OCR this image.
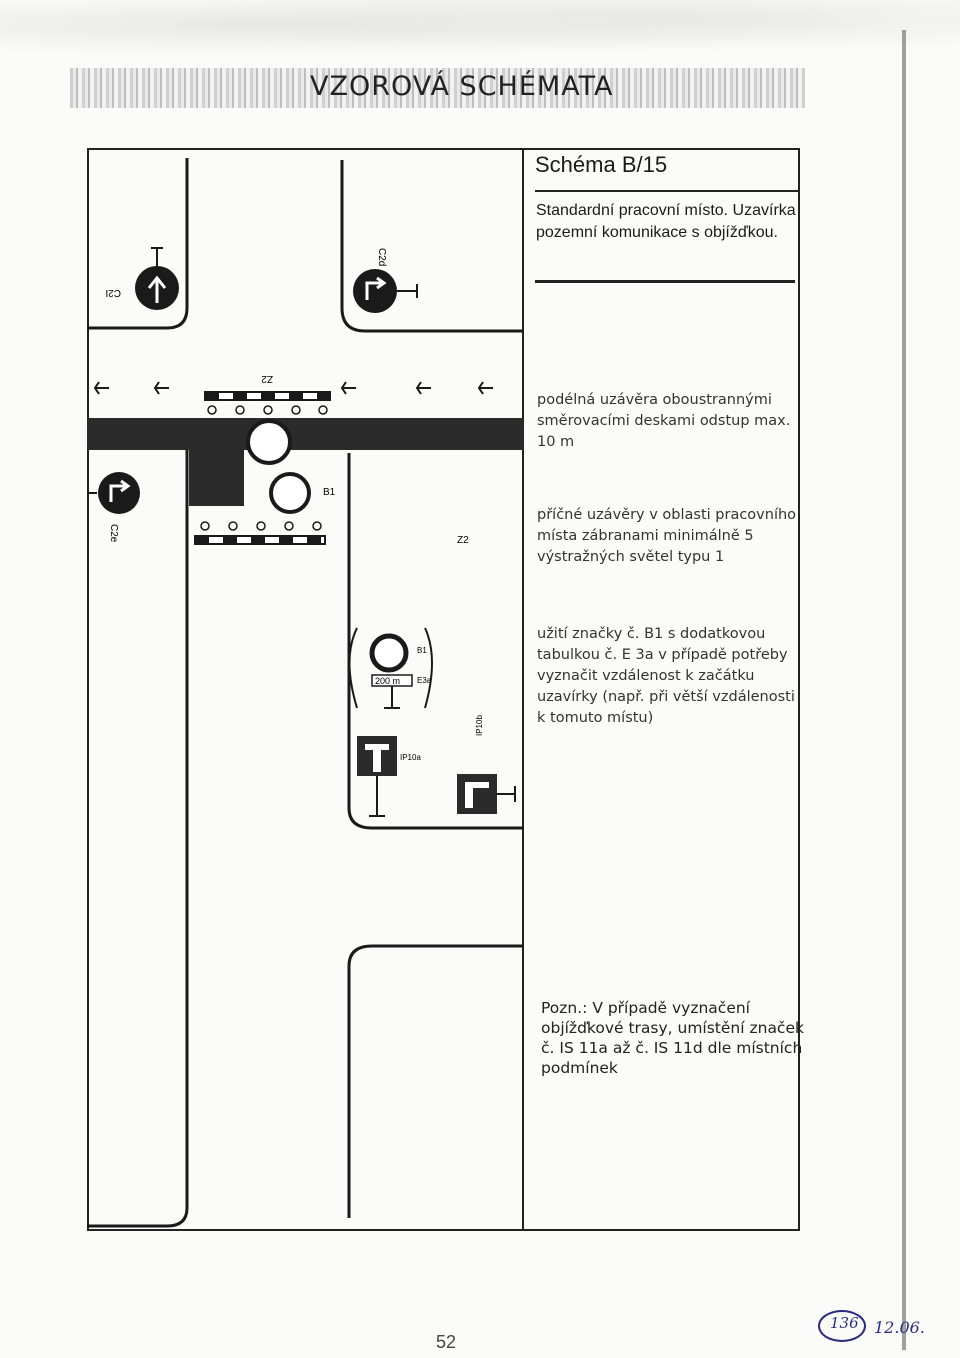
VZOROVÁ SCHÉMATA
Schéma B/15
Standardní pracovní místo. Uzavírka pozemní komunikace s objížďkou.
podélná uzávěra oboustrannými směrovacími deskami odstup max. 10 m
příčné uzávěry v oblasti pracovního místa zábranami minimálně 5 výstražných světel typu 1
užití značky č. B1 s dodatkovou tabulkou č. E 3a v případě potřeby vyznačit vzdálenost k začátku uzavírky (např. při větší vzdálenosti k tomuto místu)
Pozn.: V případě vyznačení objížďkové trasy, umístění značek č. IS 11a až č. IS 11d dle místních podmínek
B1
C2I
C2d
C2e
Z2
Z2
200 m
B1
E3a
IP10a
IP10b
52
136 12.06.
